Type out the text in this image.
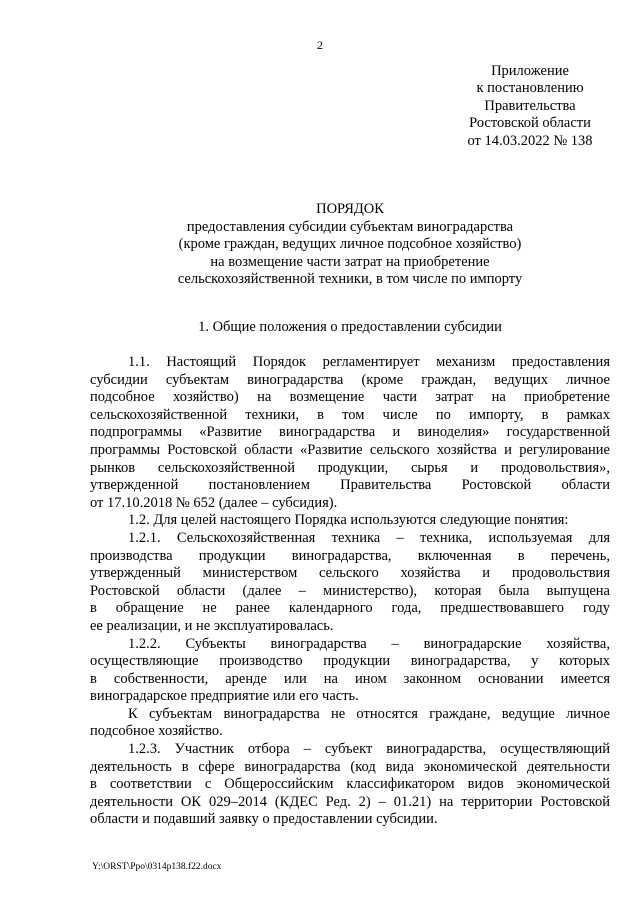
2
Приложение
к постановлению
Правительства
Ростовской области
от 14.03.2022 № 138
ПОРЯДОК
предоставления субсидии субъектам виноградарства
(кроме граждан, ведущих личное подсобное хозяйство)
на возмещение части затрат на приобретение
сельскохозяйственной техники, в том числе по импорту
1. Общие положения о предоставлении субсидии
1.1. Настоящий Порядок регламентирует механизм предоставления
субсидии субъектам виноградарства (кроме граждан, ведущих личное
подсобное хозяйство) на возмещение части затрат на приобретение
сельскохозяйственной техники, в том числе по импорту, в рамках
подпрограммы «Развитие виноградарства и виноделия» государственной
программы Ростовской области «Развитие сельского хозяйства и регулирование
рынков сельскохозяйственной продукции, сырья и продовольствия»,
утвержденной постановлением Правительства Ростовской области
от 17.10.2018 № 652 (далее – субсидия).
1.2. Для целей настоящего Порядка используются следующие понятия:
1.2.1. Сельскохозяйственная техника – техника, используемая для
производства продукции виноградарства, включенная в перечень,
утвержденный министерством сельского хозяйства и продовольствия
Ростовской области (далее – министерство), которая была выпущена
в обращение не ранее календарного года, предшествовавшего году
ее реализации, и не эксплуатировалась.
1.2.2. Субъекты виноградарства – виноградарские хозяйства,
осуществляющие производство продукции виноградарства, у которых
в собственности, аренде или на ином законном основании имеется
виноградарское предприятие или его часть.
К субъектам виноградарства не относятся граждане, ведущие личное
подсобное хозяйство.
1.2.3. Участник отбора – субъект виноградарства, осуществляющий
деятельность в сфере виноградарства (код вида экономической деятельности
в соответствии с Общероссийским классификатором видов экономической
деятельности ОК 029–2014 (КДЕС Ред. 2) – 01.21) на территории Ростовской
области и подавший заявку о предоставлении субсидии.
Y:\ORST\Ppo\0314p138.f22.docx
